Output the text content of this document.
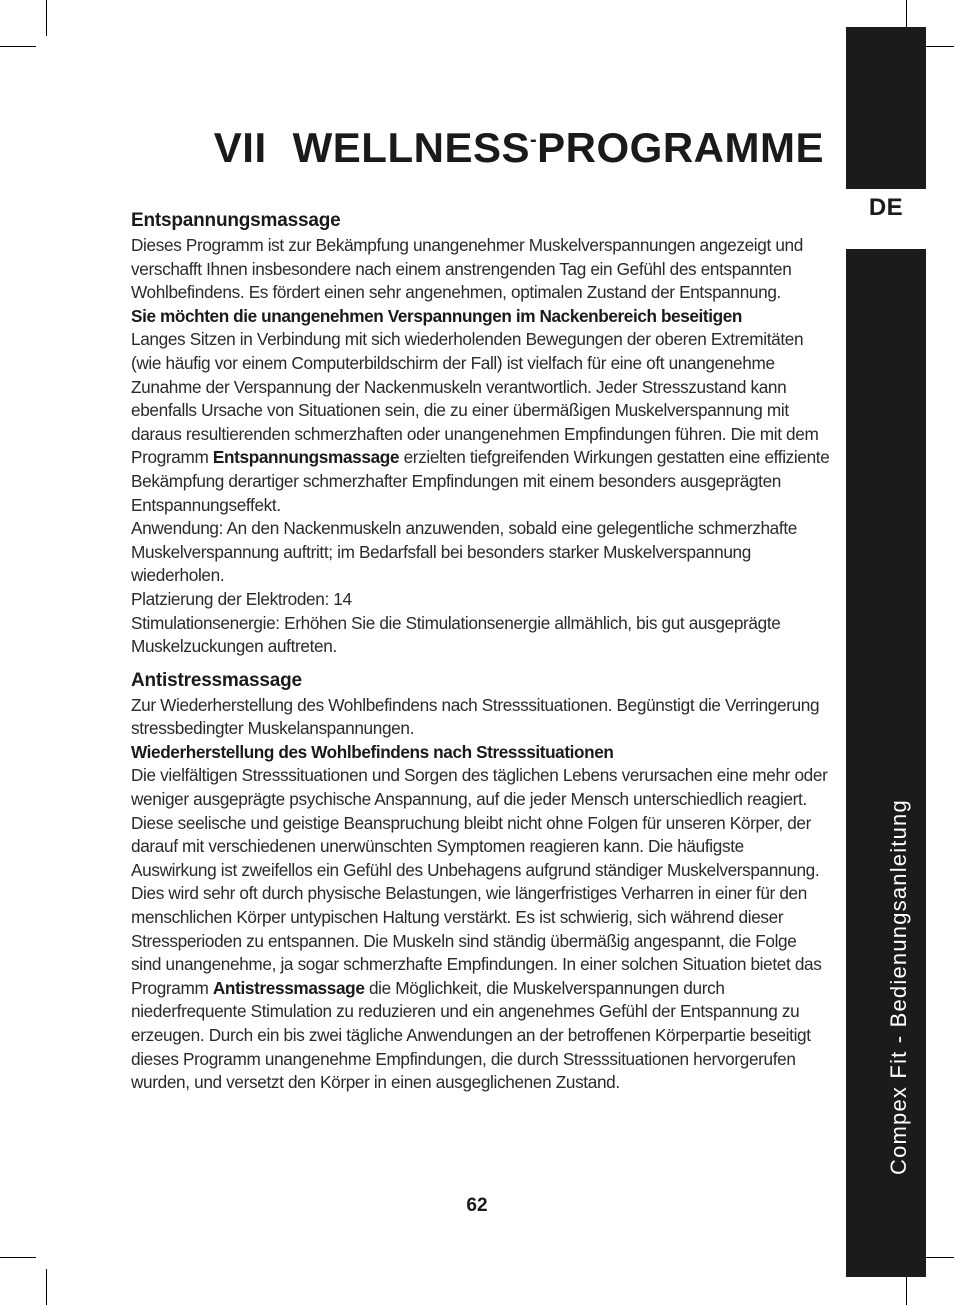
DE
Compex Fit - Bedienungsanleitung
VII WELLNESS-PROGRAMME

Entspannungsmassage

Dieses Programm ist zur Bekämpfung unangenehmer Muskelverspannungen angezeigt und verschafft Ihnen insbesondere nach einem anstrengenden Tag ein Gefühl des entspannten Wohlbefindens. Es fördert einen sehr angenehmen, optimalen Zustand der Entspannung.

Sie möchten die unangenehmen Verspannungen im Nackenbereich beseitigen

Langes Sitzen in Verbindung mit sich wiederholenden Bewegungen der oberen Extremitäten (wie häufig vor einem Computerbildschirm der Fall) ist vielfach für eine oft unangenehme Zunahme der Verspannung der Nackenmuskeln verantwortlich. Jeder Stresszustand kann ebenfalls Ursache von Situationen sein, die zu einer übermäßigen Muskelverspannung mit daraus resultierenden schmerzhaften oder unangenehmen Empfindungen führen. Die mit dem Programm Entspannungsmassage erzielten tiefgreifenden Wirkungen gestatten eine effiziente Bekämpfung derartiger schmerzhafter Empfindungen mit einem besonders ausgeprägten Entspannungseffekt.

Anwendung: An den Nackenmuskeln anzuwenden, sobald eine gelegentliche schmerzhafte Muskelverspannung auftritt; im Bedarfsfall bei besonders starker Muskelverspannung wiederholen.

Platzierung der Elektroden: 14

Stimulationsenergie: Erhöhen Sie die Stimulationsenergie allmählich, bis gut ausgeprägte Muskelzuckungen auftreten.

Antistressmassage

Zur Wiederherstellung des Wohlbefindens nach Stresssituationen. Begünstigt die Verringerung stressbedingter Muskelanspannungen.

Wiederherstellung des Wohlbefindens nach Stresssituationen

Die vielfältigen Stresssituationen und Sorgen des täglichen Lebens verursachen eine mehr oder weniger ausgeprägte psychische Anspannung, auf die jeder Mensch unterschiedlich reagiert. Diese seelische und geistige Beanspruchung bleibt nicht ohne Folgen für unseren Körper, der darauf mit verschiedenen unerwünschten Symptomen reagieren kann. Die häufigste Auswirkung ist zweifellos ein Gefühl des Unbehagens aufgrund ständiger Muskelverspannung. Dies wird sehr oft durch physische Belastungen, wie längerfristiges Verharren in einer für den menschlichen Körper untypischen Haltung verstärkt. Es ist schwierig, sich während dieser Stressperioden zu entspannen. Die Muskeln sind ständig übermäßig angespannt, die Folge sind unangenehme, ja sogar schmerzhafte Empfindungen. In einer solchen Situation bietet das Programm Antistressmassage die Möglichkeit, die Muskelverspannungen durch niederfrequente Stimulation zu reduzieren und ein angenehmes Gefühl der Entspannung zu erzeugen. Durch ein bis zwei tägliche Anwendungen an der betroffenen Körperpartie beseitigt dieses Programm unangenehme Empfindungen, die durch Stresssituationen hervorgerufen wurden, und versetzt den Körper in einen ausgeglichenen Zustand.

62
